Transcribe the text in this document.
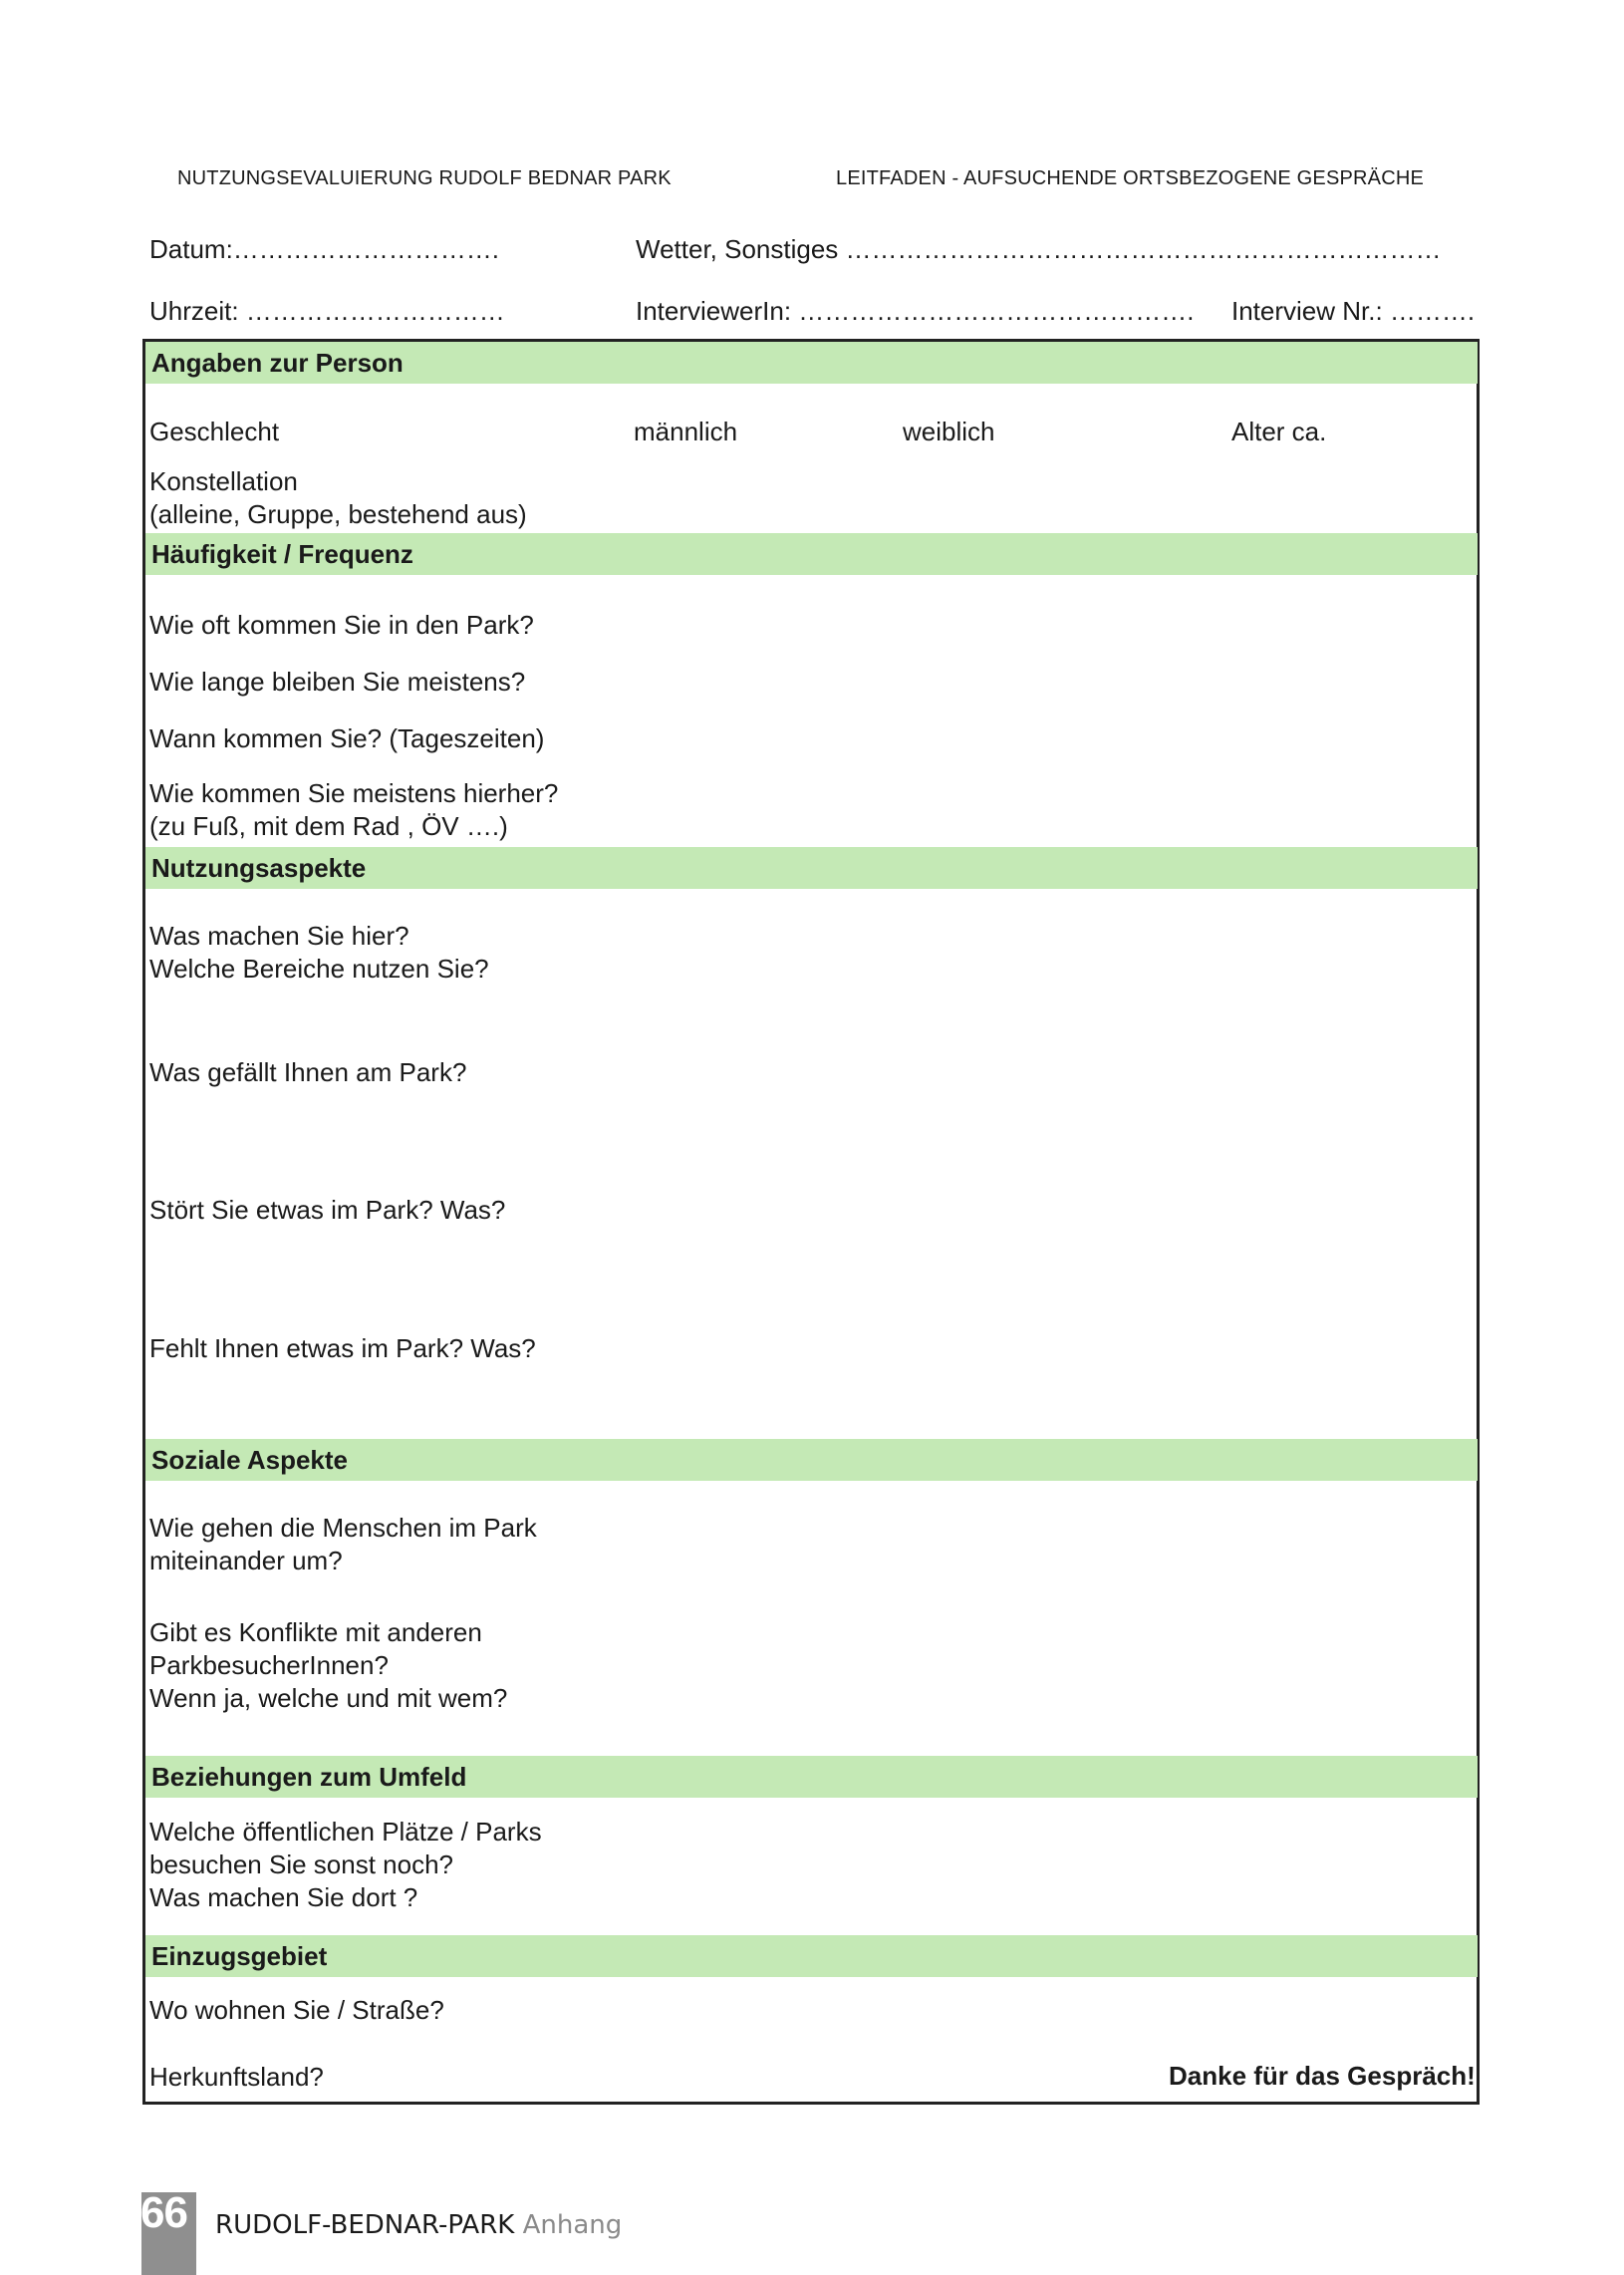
NUTZUNGSEVALUIERUNG RUDOLF BEDNAR PARK	LEITFADEN - AUFSUCHENDE ORTSBEZOGENE GESPRÄCHE
Datum:………………………….	Wetter, Sonstiges ……………………………………………………………
Uhrzeit: …………………………	InterviewerIn: ………………………………………. Interview Nr.: ……….
Angaben zur Person
Geschlecht	männlich	weiblich	Alter ca.
Konstellation
(alleine, Gruppe, bestehend aus)
Häufigkeit / Frequenz
Wie oft kommen Sie in den Park?
Wie lange bleiben Sie meistens?
Wann kommen Sie? (Tageszeiten)
Wie kommen Sie meistens hierher?
(zu Fuß, mit dem Rad , ÖV ….)
Nutzungsaspekte
Was machen Sie hier?
Welche Bereiche nutzen Sie?
Was gefällt Ihnen am Park?
Stört Sie etwas im Park? Was?
Fehlt Ihnen etwas im Park? Was?
Soziale Aspekte
Wie gehen die Menschen im Park
miteinander um?
Gibt es Konflikte mit anderen
ParkbesucherInnen?
Wenn ja, welche und mit wem?
Beziehungen zum Umfeld
Welche öffentlichen Plätze / Parks
besuchen Sie sonst noch?
Was machen Sie dort ?
Einzugsgebiet
Wo wohnen Sie / Straße?
Herkunftsland?	Danke für das Gespräch!
66 RUDOLF-BEDNAR-PARK Anhang
